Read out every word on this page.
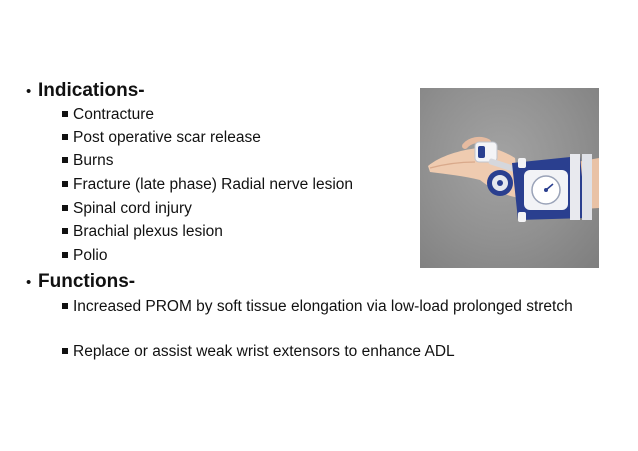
• Indications-
Contracture
Post operative scar release
Burns
Fracture (late phase) Radial nerve lesion
Spinal cord injury
Brachial plexus lesion
Polio
• Functions-
Increased PROM by soft tissue elongation via low-load prolonged stretch
Replace or assist weak wrist extensors to enhance ADL
